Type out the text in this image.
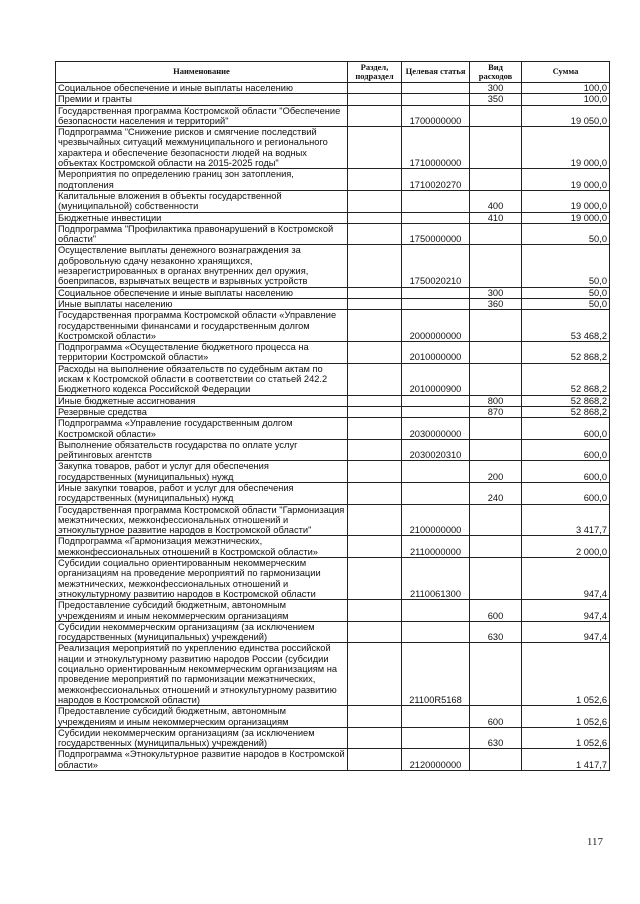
Наименование	Раздел, подраздел	Целевая статья	Вид расходов	Сумма
Социальное обеспечение и иные выплаты населению			300	100,0
Премии и гранты			350	100,0
Государственная программа Костромской области "Обеспечение безопасности населения и территорий"		1700000000		19 050,0
Подпрограмма "Снижение рисков и смягчение последствий чрезвычайных ситуаций межмуниципального и регионального характера и обеспечение безопасности людей на водных объектах Костромской области на 2015-2025 годы"		1710000000		19 000,0
Мероприятия по определению границ зон затопления, подтопления		1710020270		19 000,0
Капитальные вложения в объекты государственной (муниципальной) собственности			400	19 000,0
Бюджетные инвестиции			410	19 000,0
Подпрограмма "Профилактика правонарушений в Костромской области"		1750000000		50,0
Осуществление выплаты денежного вознаграждения за добровольную сдачу незаконно хранящихся, незарегистрированных в органах внутренних дел оружия, боеприпасов, взрывчатых веществ и взрывных устройств		1750020210		50,0
Социальное обеспечение и иные выплаты населению			300	50,0
Иные выплаты населению			360	50,0
Государственная программа Костромской области «Управление государственными финансами и государственным долгом Костромской области»		2000000000		53 468,2
Подпрограмма «Осуществление бюджетного процесса на территории Костромской области»		2010000000		52 868,2
Расходы на выполнение обязательств по судебным актам по искам к Костромской области в соответствии со статьей 242.2 Бюджетного кодекса Российской Федерации		2010000900		52 868,2
Иные бюджетные ассигнования			800	52 868,2
Резервные средства			870	52 868,2
Подпрограмма «Управление государственным долгом Костромской области»		2030000000		600,0
Выполнение обязательств государства по оплате услуг рейтинговых агентств		2030020310		600,0
Закупка товаров, работ и услуг для обеспечения государственных (муниципальных) нужд			200	600,0
Иные закупки товаров, работ и услуг для обеспечения государственных (муниципальных) нужд			240	600,0
Государственная программа Костромской области "Гармонизация межэтнических, межконфессиональных отношений и этнокультурное развитие народов в Костромской области"		2100000000		3 417,7
Подпрограмма «Гармонизация межэтнических, межконфессиональных отношений в Костромской области»		2110000000		2 000,0
Субсидии социально ориентированным некоммерческим организациям на проведение мероприятий по гармонизации межэтнических, межконфессиональных отношений и этнокультурному развитию народов в Костромской области		2110061300		947,4
Предоставление субсидий бюджетным, автономным учреждениям и иным некоммерческим организациям			600	947,4
Субсидии некоммерческим организациям (за исключением государственных (муниципальных) учреждений)			630	947,4
Реализация мероприятий по укреплению единства российской нации и этнокультурному развитию народов России (субсидии социально ориентированным некоммерческим организациям на проведение мероприятий по гармонизации межэтнических, межконфессиональных отношений и этнокультурному развитию народов в Костромской области)		21100R5168		1 052,6
Предоставление субсидий бюджетным, автономным учреждениям и иным некоммерческим организациям			600	1 052,6
Субсидии некоммерческим организациям (за исключением государственных (муниципальных) учреждений)			630	1 052,6
Подпрограмма «Этнокультурное развитие народов в Костромской области»		2120000000		1 417,7
117
